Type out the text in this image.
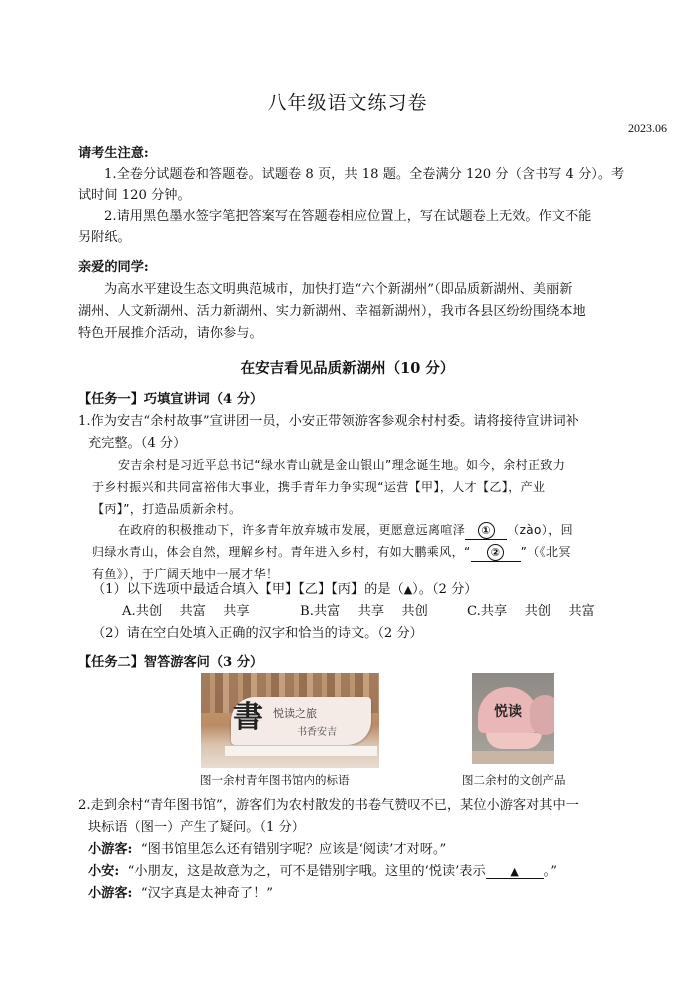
八年级语文练习卷
2023.06
请考生注意:
1.全卷分试题卷和答题卷。试题卷 8 页，共 18 题。全卷满分 120 分（含书写 4 分）。考
试时间 120 分钟。
2.请用黑色墨水签字笔把答案写在答题卷相应位置上，写在试题卷上无效。作文不能
另附纸。
亲爱的同学:
为高水平建设生态文明典范城市，加快打造“六个新湖州”（即品质新湖州、美丽新
湖州、人文新湖州、活力新湖州、实力新湖州、幸福新湖州），我市各县区纷纷围绕本地
特色开展推介活动，请你参与。
在安吉看见品质新湖州（10 分）
【任务一】巧填宣讲词（4 分）
1.作为安吉“余村故事”宣讲团一员，小安正带领游客参观余村村委。请将接待宣讲词补
充完整。（4 分）
安吉余村是习近平总书记“绿水青山就是金山银山”理念诞生地。如今，余村正致力
于乡村振兴和共同富裕伟大事业，携手青年力争实现“运营【甲】，人才【乙】，产业
【丙】”，打造品质新余村。
在政府的积极推动下，许多青年放弃城市发展，更愿意远离喧泽 ① （zào），回
归绿水青山，体会自然，理解乡村。青年进入乡村，有如大鹏乘风，“ ② ”（《北冥
有鱼》），于广阔天地中一展才华！
（1）以下选项中最适合填入【甲】【乙】【丙】的是（▲）。（2 分）
A.共创　 共富　 共享	B.共富　 共享　 共创	C.共享　 共创　 共富
（2）请在空白处填入正确的汉字和恰当的诗文。（2 分）
【任务二】智答游客问（3 分）
書 悦读之旅
书香安吉
图一余村青年图书馆内的标语
悦读
图二余村的文创产品
2.走到余村“青年图书馆”，游客们为农村散发的书卷气赞叹不已，某位小游客对其中一
块标语（图一）产生了疑问。（1 分）
小游客: “图书馆里怎么还有错别字呢？应该是‘阅读’才对呀。”
小安: “小朋友，这是故意为之，可不是错别字哦。这里的‘悦读’表示 ▲ 。”
小游客: “汉字真是太神奇了！”
